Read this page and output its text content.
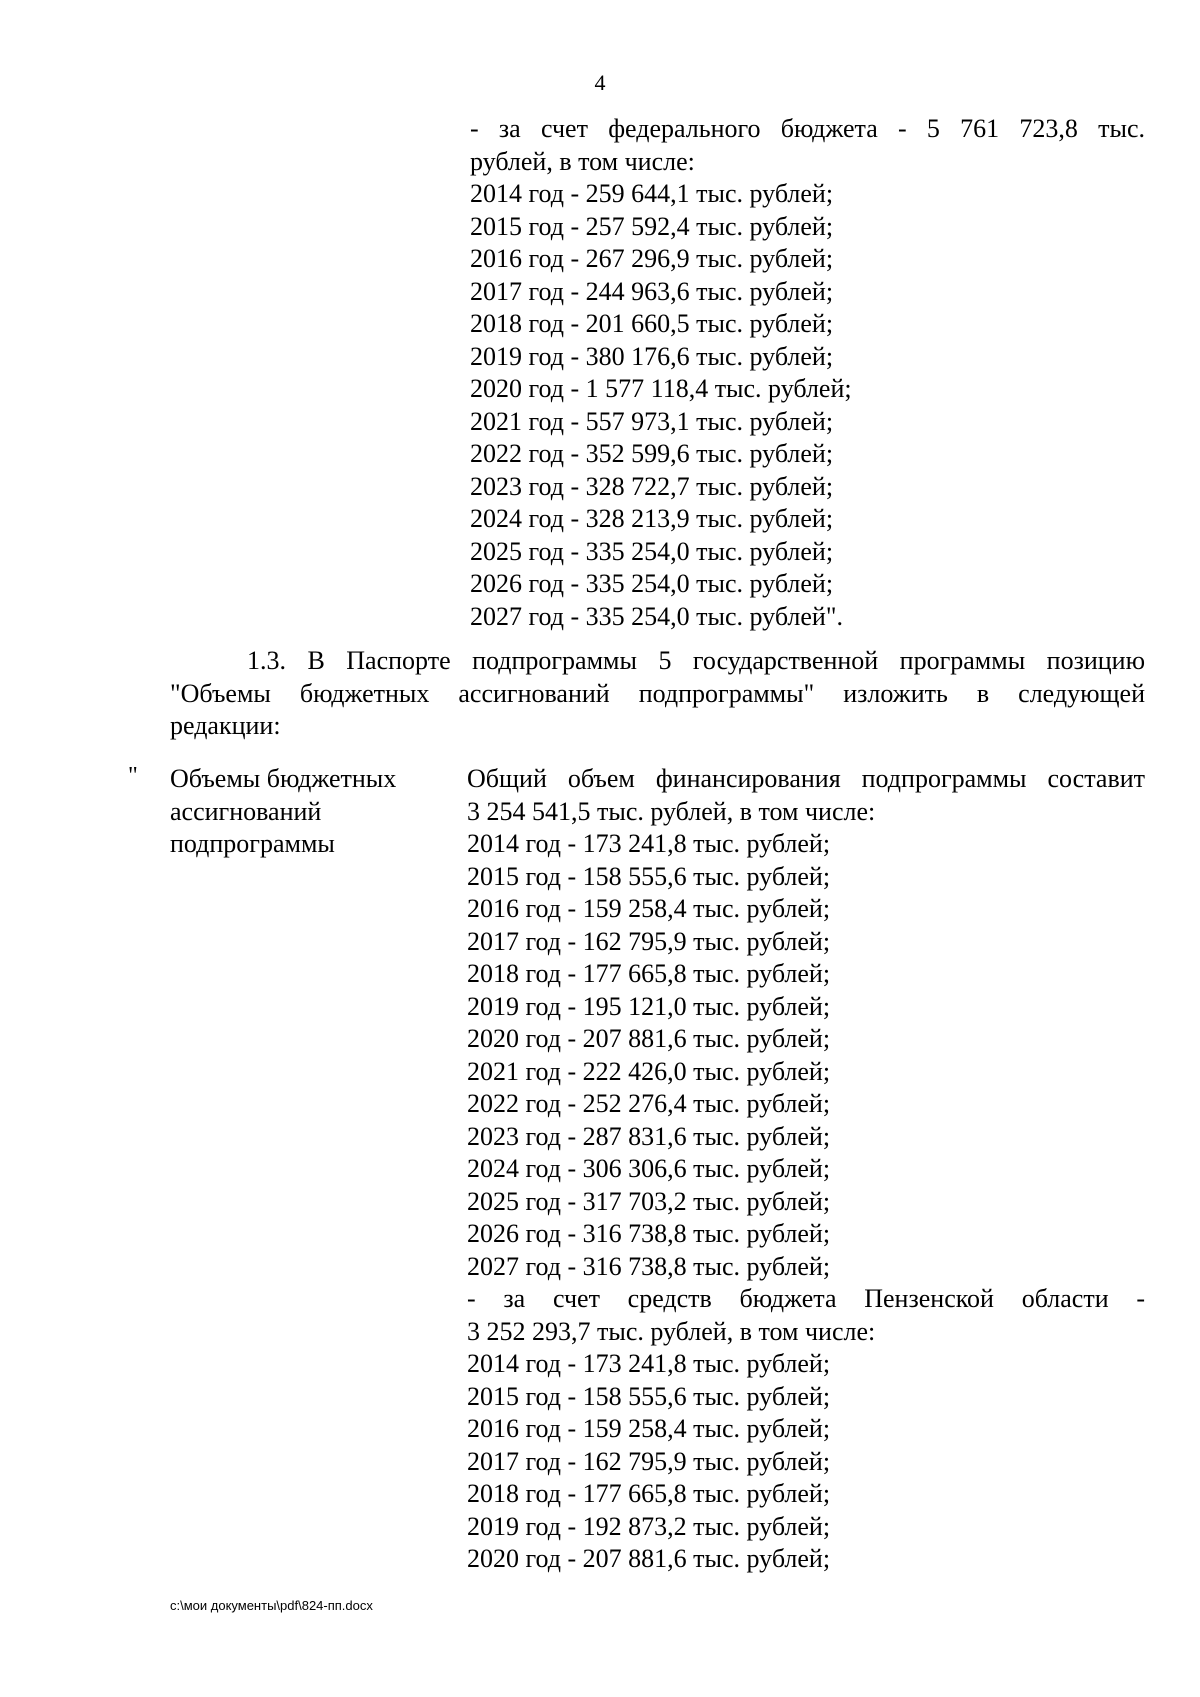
4
- за счет федерального бюджета - 5 761 723,8 тыс.
рублей, в том числе:
2014 год - 259 644,1 тыс. рублей;
2015 год - 257 592,4 тыс. рублей;
2016 год - 267 296,9 тыс. рублей;
2017 год - 244 963,6 тыс. рублей;
2018 год - 201 660,5 тыс. рублей;
2019 год - 380 176,6 тыс. рублей;
2020 год - 1 577 118,4 тыс. рублей;
2021 год - 557 973,1 тыс. рублей;
2022 год - 352 599,6 тыс. рублей;
2023 год - 328 722,7 тыс. рублей;
2024 год - 328 213,9 тыс. рублей;
2025 год - 335 254,0 тыс. рублей;
2026 год - 335 254,0 тыс. рублей;
2027 год - 335 254,0 тыс. рублей".
1.3. В Паспорте подпрограммы 5 государственной программы позицию
"Объемы бюджетных ассигнований подпрограммы" изложить в следующей
редакции:
" Объемы бюджетных
ассигнований
подпрограммы
Общий объем финансирования подпрограммы составит
3 254 541,5 тыс. рублей, в том числе:
2014 год - 173 241,8 тыс. рублей;
2015 год - 158 555,6 тыс. рублей;
2016 год - 159 258,4 тыс. рублей;
2017 год - 162 795,9 тыс. рублей;
2018 год - 177 665,8 тыс. рублей;
2019 год - 195 121,0 тыс. рублей;
2020 год - 207 881,6 тыс. рублей;
2021 год - 222 426,0 тыс. рублей;
2022 год - 252 276,4 тыс. рублей;
2023 год - 287 831,6 тыс. рублей;
2024 год - 306 306,6 тыс. рублей;
2025 год - 317 703,2 тыс. рублей;
2026 год - 316 738,8 тыс. рублей;
2027 год - 316 738,8 тыс. рублей;
- за счет средств бюджета Пензенской области -
3 252 293,7 тыс. рублей, в том числе:
2014 год - 173 241,8 тыс. рублей;
2015 год - 158 555,6 тыс. рублей;
2016 год - 159 258,4 тыс. рублей;
2017 год - 162 795,9 тыс. рублей;
2018 год - 177 665,8 тыс. рублей;
2019 год - 192 873,2 тыс. рублей;
2020 год - 207 881,6 тыс. рублей;
c:\мои документы\pdf\824-пп.docx
